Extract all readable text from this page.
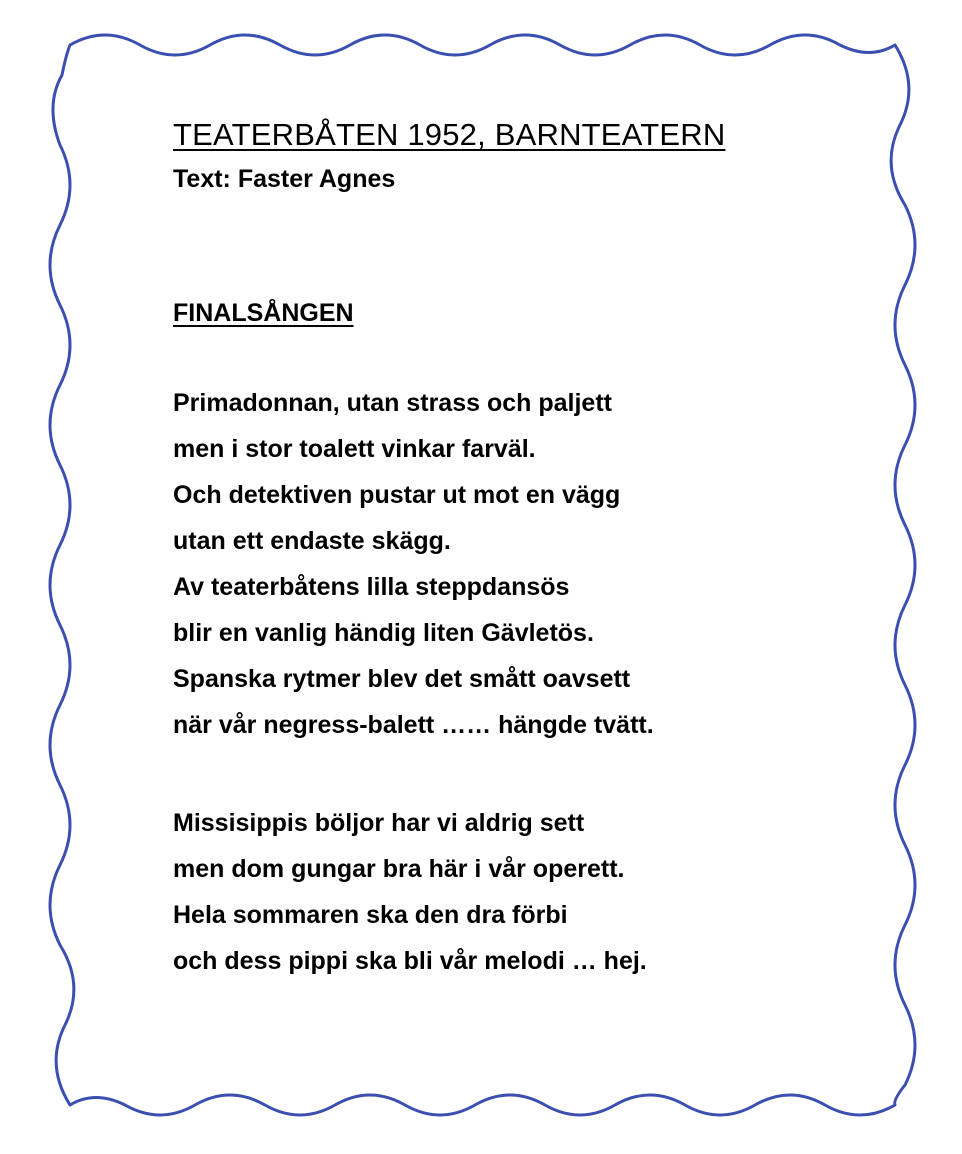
TEATERBÅTEN 1952, BARNTEATERN
Text: Faster Agnes
FINALSÅNGEN
Primadonnan, utan strass och paljett
men i stor toalett vinkar farväl.
Och detektiven pustar ut mot en vägg
utan ett endaste skägg.
Av teaterbåtens lilla steppdansös
blir en vanlig händig liten Gävletös.
Spanska rytmer blev det smått oavsett
när vår negress-balett …… hängde tvätt.
Missisippis böljor har vi aldrig sett
men dom gungar bra här i vår operett.
Hela sommaren ska den dra förbi
och dess pippi ska bli vår melodi … hej.
